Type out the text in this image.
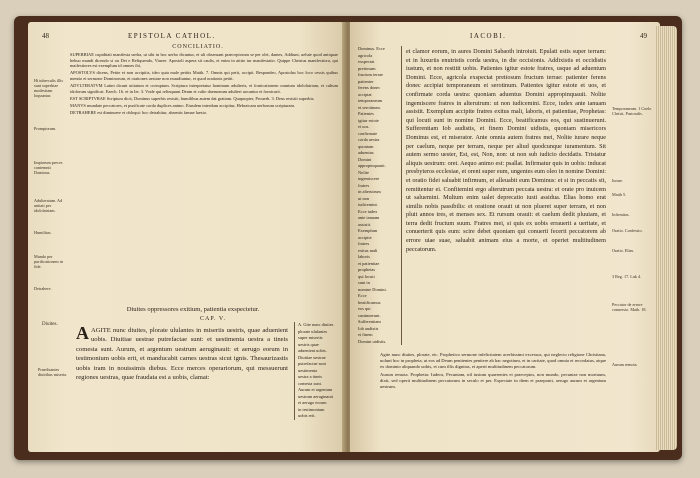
48	EPISTOLA CATHOL.
CONCILIATIO.
Hi tuberculis illis sunt superbiae modestiam loquuntur.
Promptorum.
Impiorum preces contemnit Dominus.
Adulteratum. Ad unitati per idololatriam.
Humilitas.
Mundo per purificationem in fide.
Detrahere.

SUPERBIAE cupiditati manifesta uerba, ut sibi in hoc uerbo dicuntur, et uli obseruant praeceptorum se per olet, dantes, Addiunt, uelute quod antiquae hebuo mundi dicendo si ou Dei e Reliquendo, Viuere. Apostoli aspera sit caulis, et enim in aitito tur manifestatio. Quippe Christus manifestiora, qui maifestiores est exemplum id omnes ibi,

APOSTOLVS dicens, Petite et non accipitis, ideo quia male petitis Matth. 7. Omnis qui petit, accipit. Respondeo, Apostolus hoc loco cessis quibus mentio et sermone Dominorum, et orationes uestrae non exaudiuntur, et quod orationis petiit.

ADVLTERATVM Latini dicunt uitiatum et corruptum. Scriptura interpretatur hominum adulteris, et fornicationem omnium idololatriam, et cultum idolorum significat. Ezech. 16. et in Ier. 3. Vnde qui relinquunt Deum et culto daemonum adulteri uocantur et fornicarii.

EST SCRIPTVRAE Scriptura dicit, Dominus superbis resistit, humilibus autem dat gratiam. Quapropter, Prouerb. 3. Deus resistit superbis.

MANVS mundate peccatores, et purificate corda duplices animo. Eiusdem interdum accipitur, Hebraicam uerborum scripturam.

DETRAHERE est diminuere et obloqui: hoc detrahitur, absentis famae laesio.

Diuites oppressores exitium, patientia exspectetur.
CAP. V.
Diuites.
Praedicantes diuitibus miseria.
AAGITE nunc diuites, plorate ululantes in miseriis uestris, quae aduenient uobis. Diuitiae uestrae putrefactae sunt: et uestimenta uestra a tineis comesta sunt. Aurum, et argentum uestrum aeruginauit: et aerugo eorum in testimonium uobis erit, et manducabit carnes uestras sicut ignis. Thesaurizastis uobis iram in nouissimis diebus. Ecce merces operariorum, qui messuerunt regiones uestras, quae fraudata est a uobis, clamat:
A. Gite nunc diuites
plorate ululantes
super miseriis
uestris quae
aduenient uobis.
Diuitiae uestrae
putrefactae sunt
uestimenta
uestra a tineis
comesta sunt.
Aurum et argentum
uestrum aeruginauit
et aerugo eorum
in testimonium
uobis erit.
IACOBI.	49
Dominus. Ecce
agricola
exspectat
pretiosum
fructum terrae
patienter
ferens donec
accipiat
temporaneum
et serotinum.
Patientes
igitur estote
et uos.
confirmate
corda uestra
quoniam
aduentus
Domini
appropinquauit.
Nolite
ingemiscere
fratres
in alterutrum
ut non
iudicemini.
Ecce iudex
ante ianuam
assistit.
Exemplum
accipite
fratres
exitus mali
laboris
et patientiae
prophetas
qui locuti
sunt in
nomine Domini.
Ecce
beatificamus
eos qui
sustinuerunt.
Sufferentiam
Iob audistis
et finem
Domini uidistis.
et clamor eorum, in aures Domini Sabaoth introiuit. Epulati estis super terram: et in luxuriis enutristis corda uestra, in die occisionis. Addixistis et occidistis iustum, et non restitit uobis. Patientes igitur estote fratres, usque ad aduentum Domini. Ecce, agricola exspectat pretiosum fructum terrae: patienter ferens donec accipiat temporaneum et serotinum. Patientes igitur estote et uos, et confirmate corda uestra: quoniam aduentus Domini appropinquauit. Nolite ingemiscere fratres in alterutrum: ut non iudicemini. Ecce, iudex ante ianuam assistit. Exemplum accipite fratres exitus mali, laboris, et patientiae, Prophetas: qui locuti sunt in nomine Domini. Ecce, beatificamus eos, qui sustinuerunt. Sufferentiam Iob audistis, et finem Domini uidistis, quoniam misericors Dominus est, et miserator. Ante omnia autem fratres mei, Nolite iurare neque per caelum, neque per terram, neque per aliud quodcunque iuramentum. Sit autem sermo uester, Est, est, Non, non: ut non sub iudicio decidatis. Tristatur aliquis uestrum: oret. Aequo animo est: psallat. Infirmatur quis in uobis: inducat presbyteros ecclesiae, et orent super eum, ungentes eum oleo in nomine Domini: et oratio fidei saluabit infirmum, et alleuabit eum Dominus: et si in peccatis sit, remittentur ei. Confitemini ergo alterutrum peccata uestra: et orate pro inuicem ut saluemini. Multum enim ualet deprecatio iusti assidua. Elias homo erat similis nobis passibilis: et oratione orauit ut non plueret super terram, et non pluit annos tres, et menses sex. Et rursum orauit: et caelum dedit pluuiam, et terra dedit fructum suum. Fratres mei, si quis ex uobis errauerit a ueritate, et conuerterit quis eum: scire debet quoniam qui conuerti fecerit peccatorem ab errore uiae suae, saluabit animam eius a morte, et operiet multitudinem peccatorum.
Temporaneum. 1 Coelo Christi, Pastoralis.
Iurare.
Matth 5.
Infirmitas.
Oratio. Confessio.
Oratio. Elias.
3 Reg. 17. Luk 4.
Peccator de errore conuersio. Math. 18.
Aurum remota.

Agite nunc diuites, plorate, etc. Prophetico sermone infelicitatem acerbissimi excessus, qui neglecto religione Christiana, uolunt hoc in propheta, ut eos ad Deum penitentes penitere ab hac negotium, et in caritate, quod omnia et recordatus, atque ex dominio aliquando uobis, et cum illis dignitas, et aperit multitudinem peccatorum.

Aurum remota. Prophetia: Iudeos, Pecuniam, nil iustum quaerentes et praeceptos, non mundo, pecuniae non mortuum, dixit, sed operit multitudinem peccatorum in seculo et per. Expectate in diem et praeponit, aerugo aurum et argentum uestrum.
